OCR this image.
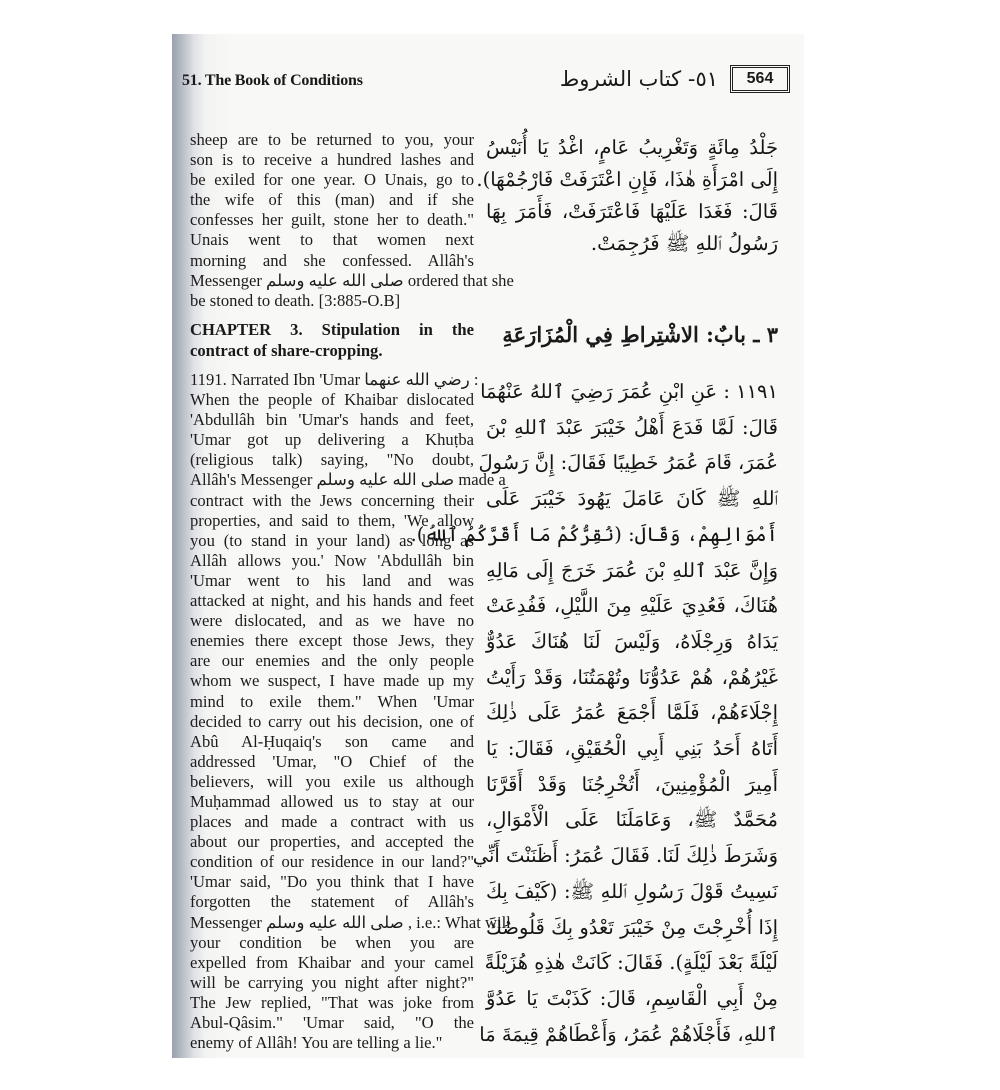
51. The Book of Conditions	٥١- كتاب الشروط	564
sheep are to be returned to you, your
son is to receive a hundred lashes and
be exiled for one year. O Unais, go to
the wife of this (man) and if she
confesses her guilt, stone her to death."
Unais went to that women next
morning and she confessed. Allâh's
Messenger صلى الله عليه وسلم ordered that she
be stoned to death. [3:885-O.B]
CHAPTER 3. Stipulation in the
contract of share-cropping.
1191. Narrated Ibn 'Umar رضي الله عنهما :
When the people of Khaibar dislocated
'Abdullâh bin 'Umar's hands and feet,
'Umar got up delivering a Khuṭba
(religious talk) saying, "No doubt,
Allâh's Messenger صلى الله عليه وسلم made a
contract with the Jews concerning their
properties, and said to them, 'We allow
you (to stand in your land) as long as
Allâh allows you.' Now 'Abdullâh bin
'Umar went to his land and was
attacked at night, and his hands and feet
were dislocated, and as we have no
enemies there except those Jews, they
are our enemies and the only people
whom we suspect, I have made up my
mind to exile them." When 'Umar
decided to carry out his decision, one of
Abû Al-Ḥuqaiq's son came and
addressed 'Umar, "O Chief of the
believers, will you exile us although
Muḥammad allowed us to stay at our
places and made a contract with us
about our properties, and accepted the
condition of our residence in our land?"
'Umar said, "Do you think that I have
forgotten the statement of Allâh's
Messenger صلى الله عليه وسلم , i.e.: What will
your condition be when you are
expelled from Khaibar and your camel
will be carrying you night after night?"
The Jew replied, "That was joke from
Abul-Qâsim." 'Umar said, "O the
enemy of Allâh! You are telling a lie."
جَلْدُ مِائَةٍ وَتَغْرِيبُ عَامٍ، اغْدُ يَا أُنَيْسُ
إِلَى امْرَأَةِ هٰذَا، فَإِنِ اعْتَرَفَتْ فَارْجُمْهَا).
قَالَ: فَغَدَا عَلَيْهَا فَاعْتَرَفَتْ، فَأَمَرَ بِهَا
رَسُولُ ٱللهِ ﷺ فَرُجِمَتْ.
٣ ـ بابٌ: الاشْتِراطِ فِي الْمُزَارَعَةِ
١١٩١ : عَنِ ابْنِ عُمَرَ رَضِيَ ٱللهُ عَنْهُمَا
قَالَ: لَمَّا فَدَعَ أَهْلُ خَيْبَرَ عَبْدَ ٱللهِ بْنَ
عُمَرَ، قَامَ عُمَرُ خَطِيبًا فَقَالَ: إِنَّ رَسُولَ
ٱللهِ ﷺ كَانَ عَامَلَ يَهُودَ خَيْبَرَ عَلَى
أَمْوَالِهِمْ، وَقَالَ: (نُقِرُّكُمْ مَا أَقَرَّكُمُ ٱللهُ).
وَإِنَّ عَبْدَ ٱللهِ بْنَ عُمَرَ خَرَجَ إِلَى مَالِهِ
هُنَاكَ، فَعُدِيَ عَلَيْهِ مِنَ اللَّيْلِ، فَفُدِعَتْ
يَدَاهُ وَرِجْلَاهُ، وَلَيْسَ لَنَا هُنَاكَ عَدُوٌّ
غَيْرُهُمْ، هُمْ عَدُوُّنَا وتُهْمَتُنَا، وَقَدْ رَأَيْتُ
إِجْلَاءَهُمْ، فَلَمَّا أَجْمَعَ عُمَرُ عَلَى ذٰلِكَ
أَتَاهُ أَحَدُ بَنِي أَبِي الْحُقَيْقِ، فَقَالَ: يَا
أَمِيرَ الْمُؤْمِنِينَ، أَتُخْرِجُنَا وَقَدْ أَقَرَّنَا
مُحَمَّدٌ ﷺ، وَعَامَلَنَا عَلَى الْأَمْوَالِ،
وَشَرَطَ ذٰلِكَ لَنَا. فَقَالَ عُمَرُ: أَظَنَنْتَ أَنِّي
نَسِيتُ قَوْلَ رَسُولِ ٱللهِ ﷺ: (كَيْفَ بِكَ
إِذَا أُخْرِجْتَ مِنْ خَيْبَرَ تَعْدُو بِكَ قَلُوصُكَ
لَيْلَةً بَعْدَ لَيْلَةٍ). فَقَالَ: كَانَتْ هٰذِهِ هُزَيْلَةً
مِنْ أَبِي الْقَاسِمِ، قَالَ: كَذَبْتَ يَا عَدُوَّ
ٱللهِ، فَأَجْلَاهُمْ عُمَرُ، وَأَعْطَاهُمْ قِيمَةَ مَا
